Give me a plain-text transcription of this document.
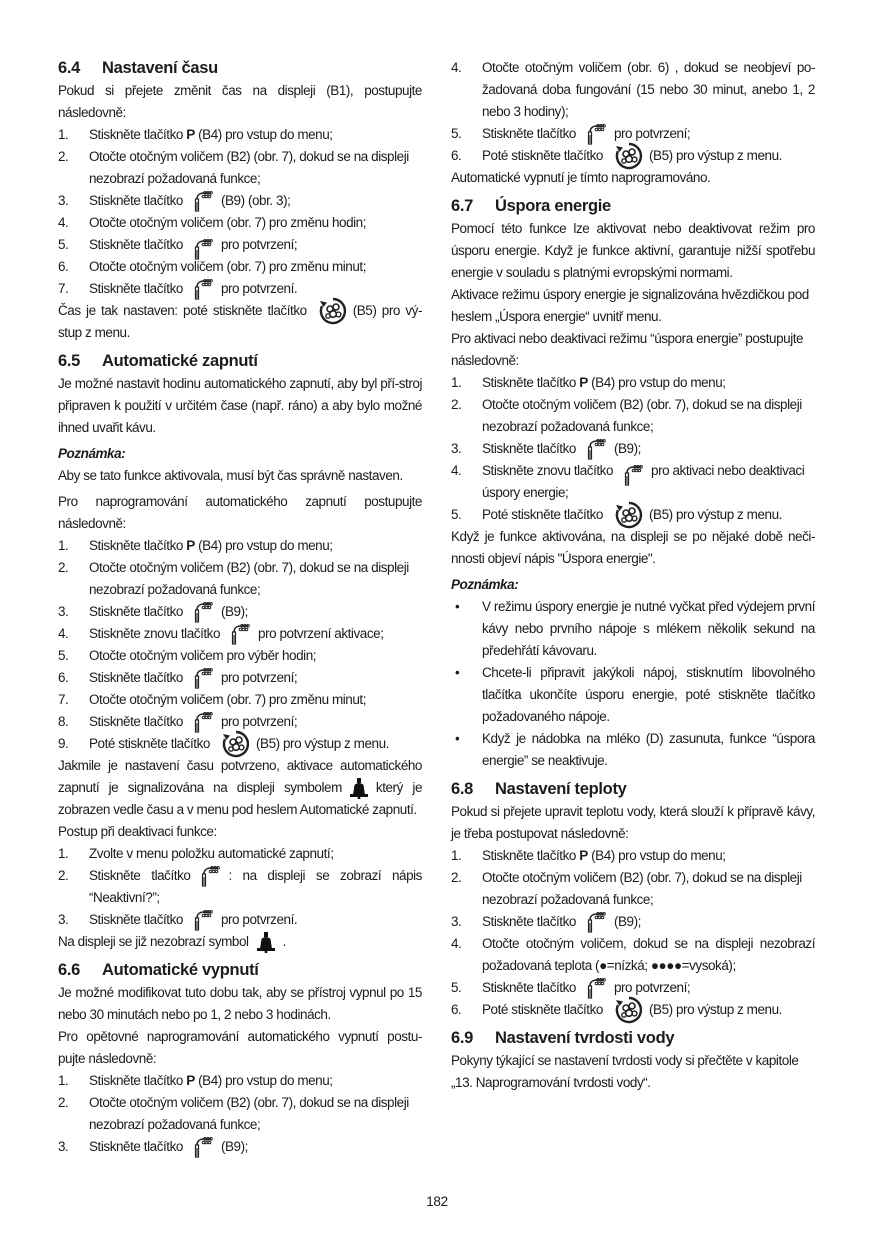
6.4 Nastavení času

Pokud si přejete změnit čas na displeji (B1), postupujte následovně:

1. Stiskněte tlačítko P (B4) pro vstup do menu;
2. Otočte otočným voličem (B2) (obr. 7), dokud se na displeji nezobrazí požadovaná funkce;
3. Stiskněte tlačítko	(B9) (obr. 3);
4. Otočte otočným voličem (obr. 7) pro změnu hodin;
5. Stiskněte tlačítko	pro potvrzení;
6. Otočte otočným voličem (obr. 7) pro změnu minut;
7. Stiskněte tlačítko	pro potvrzení.

Čas je tak nastaven: poté stiskněte tlačítko	(B5) pro vý-stup z menu.

6.5 Automatické zapnutí

Je možné nastavit hodinu automatického zapnutí, aby byl pří-stroj připraven k použití v určitém čase (např. ráno) a aby bylo možné ihned uvařit kávu.

Poznámka:

Aby se tato funkce aktivovala, musí být čas správně nastaven.

Pro naprogramování automatického zapnutí postupujte následovně:

1. Stiskněte tlačítko P (B4) pro vstup do menu;
2. Otočte otočným voličem (B2) (obr. 7), dokud se na displeji nezobrazí požadovaná funkce;
3. Stiskněte tlačítko	(B9);
4. Stiskněte znovu tlačítko	pro potvrzení aktivace;
5. Otočte otočným voličem pro výběr hodin;
6. Stiskněte tlačítko	pro potvrzení;
7. Otočte otočným voličem (obr. 7) pro změnu minut;
8. Stiskněte tlačítko	pro potvrzení;
9. Poté stiskněte tlačítko	(B5) pro výstup z menu.

Jakmile je nastavení času potvrzeno, aktivace automatického zapnutí je signalizována na displeji symbolem	který je zobrazen vedle času a v menu pod heslem Automatické zapnutí.

Postup při deaktivaci funkce:

1. Zvolte v menu položku automatické zapnutí;
2. Stiskněte tlačítko	: na displeji se zobrazí nápis “Neaktivní?”;
3. Stiskněte tlačítko	pro potvrzení.

Na displeji se již nezobrazí symbol	.

6.6 Automatické vypnutí

Je možné modifikovat tuto dobu tak, aby se přístroj vypnul po 15 nebo 30 minutách nebo po 1, 2 nebo 3 hodinách.

Pro opětovné naprogramování automatického vypnutí postu-pujte následovně:

1. Stiskněte tlačítko P (B4) pro vstup do menu;
2. Otočte otočným voličem (B2) (obr. 7), dokud se na displeji nezobrazí požadovaná funkce;
3. Stiskněte tlačítko	(B9);
4. Otočte otočným voličem (obr. 6) , dokud se neobjeví po-žadovaná doba fungování (15 nebo 30 minut, anebo 1, 2 nebo 3 hodiny);
5. Stiskněte tlačítko	pro potvrzení;
6. Poté stiskněte tlačítko	(B5) pro výstup z menu.

Automatické vypnutí je tímto naprogramováno.

6.7 Úspora energie

Pomocí této funkce lze aktivovat nebo deaktivovat režim pro úsporu energie. Když je funkce aktivní, garantuje nižší spotřebu energie v souladu s platnými evropskými normami.

Aktivace režimu úspory energie je signalizována hvězdičkou pod heslem „Úspora energie“ uvnitř menu.

Pro aktivaci nebo deaktivaci režimu “úspora energie” postupujte následovně:

1. Stiskněte tlačítko P (B4) pro vstup do menu;
2. Otočte otočným voličem (B2) (obr. 7), dokud se na displeji nezobrazí požadovaná funkce;
3. Stiskněte tlačítko	(B9);
4. Stiskněte znovu tlačítko	pro aktivaci nebo deaktivaci úspory energie;
5. Poté stiskněte tlačítko	(B5) pro výstup z menu.

Když je funkce aktivována, na displeji se po nějaké době neči-nnosti objeví nápis "Úspora energie".

Poznámka:
• V režimu úspory energie je nutné vyčkat před výdejem první kávy nebo prvního nápoje s mlékem několik sekund na předehřátí kávovaru.
• Chcete-li připravit jakýkoli nápoj, stisknutím libovolného tlačítka ukončíte úsporu energie, poté stiskněte tlačítko požadovaného nápoje.
• Když je nádobka na mléko (D) zasunuta, funkce “úspora energie” se neaktivuje.
6.8 Nastavení teploty

Pokud si přejete upravit teplotu vody, která slouží k přípravě kávy, je třeba postupovat následovně:

1. Stiskněte tlačítko P (B4) pro vstup do menu;
2. Otočte otočným voličem (B2) (obr. 7), dokud se na displeji nezobrazí požadovaná funkce;
3. Stiskněte tlačítko	(B9);
4. Otočte otočným voličem, dokud se na displeji nezobrazí požadovaná teplota (●=nízká; ●●●●=vysoká);
5. Stiskněte tlačítko	pro potvrzení;
6. Poté stiskněte tlačítko	(B5) pro výstup z menu.
6.9 Nastavení tvrdosti vody

Pokyny týkající se nastavení tvrdosti vody si přečtěte v kapitole „13. Naprogramování tvrdosti vody“.

182
